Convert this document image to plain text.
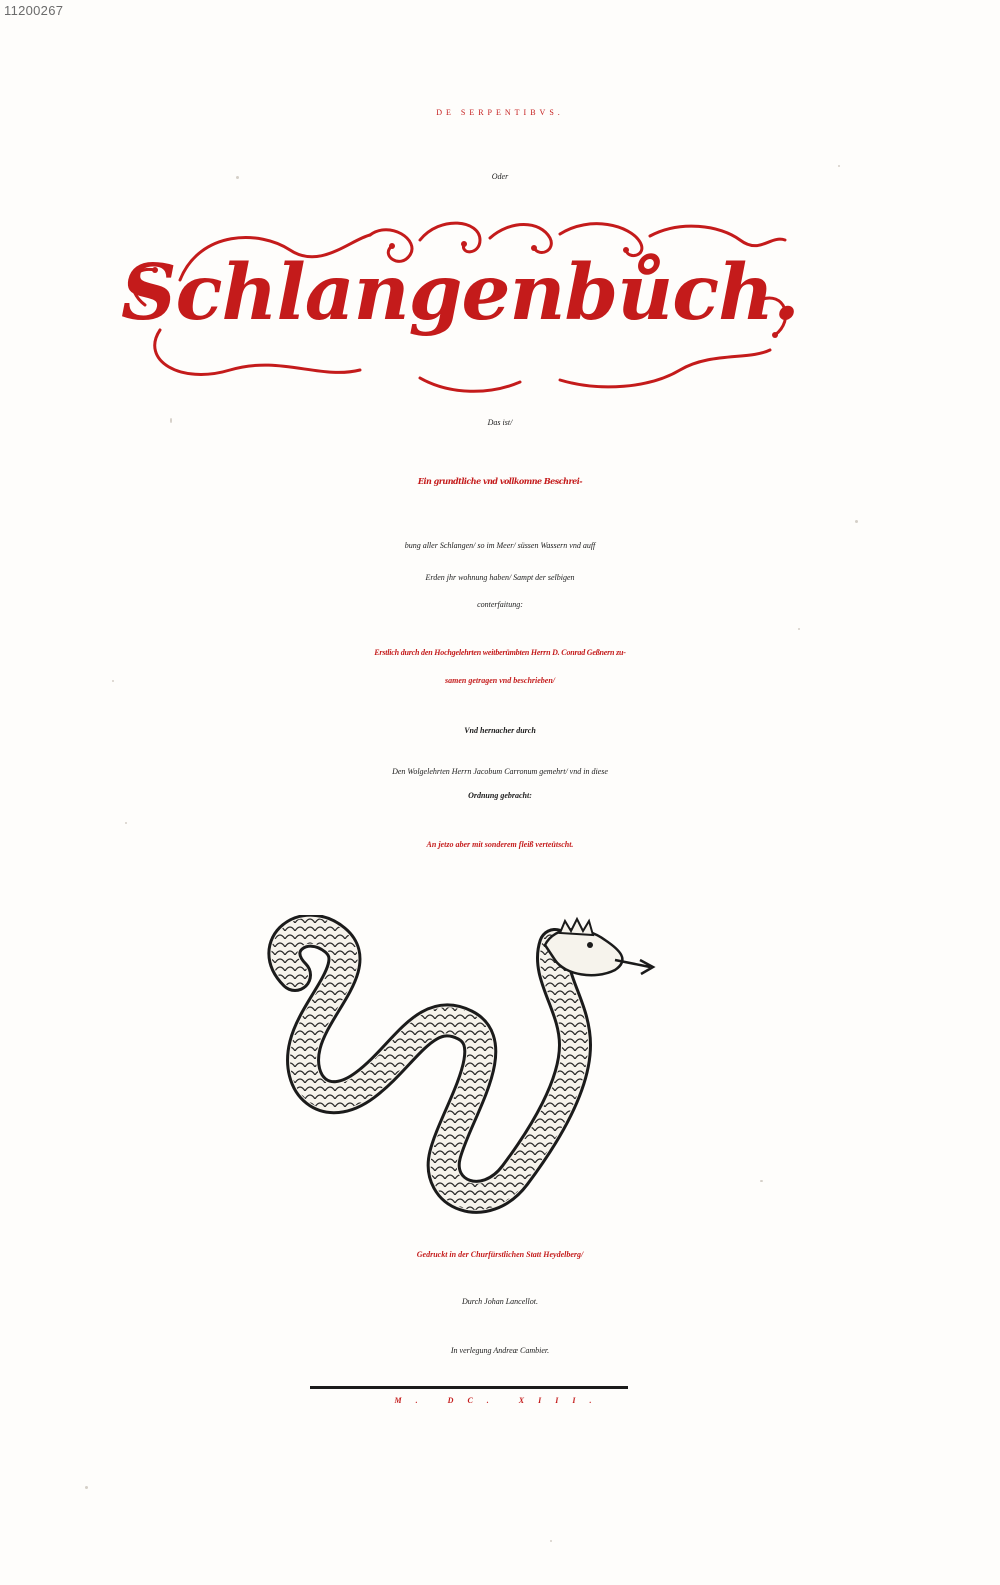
11200267
DE SERPENTIBVS.
Oder
Schlangenbůch.
Das ist/
Ein grundtliche vnd vollkomne Beschrei-
bung aller Schlangen/ so im Meer/ süssen Wassern vnd auff
Erden jhr wohnung haben/ Sampt der selbigen
conterfaitung:
Erstlich durch den Hochgelehrten weitberümbten Herrn D. Conrad Geßnern zu-
samen getragen vnd beschrieben/
Vnd hernacher durch
Den Wolgelehrten Herrn Jacobum Carronum gemehrt/ vnd in diese
Ordnung gebracht:
An jetzo aber mit sonderem fleiß verteütscht.
Gedruckt in der Churfürstlichen Statt Heydelberg/
Durch Johan Lancellot.
In verlegung Andreæ Cambier.
M. DC. XIII.
